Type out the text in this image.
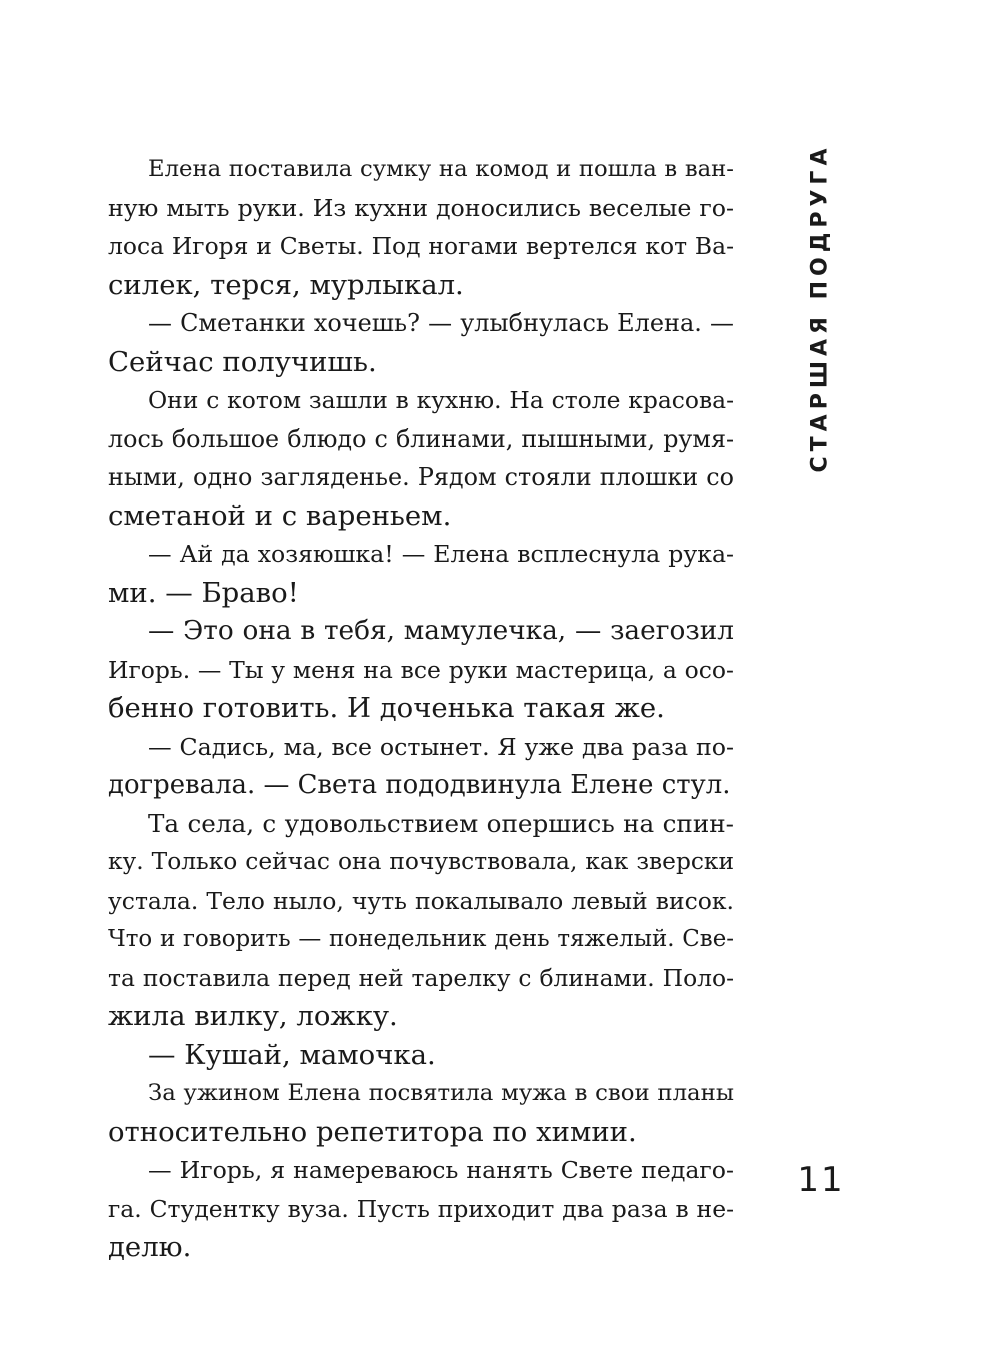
Елена поставила сумку на комод и пошла в ван-
ную мыть руки. Из кухни доносились веселые го-
лоса Игоря и Светы. Под ногами вертелся кот Ва-
силек, терся, мурлыкал.
— Сметанки хочешь? — улыбнулась Елена. —
Сейчас получишь.
Они с котом зашли в кухню. На столе красова-
лось большое блюдо с блинами, пышными, румя-
ными, одно загляденье. Рядом стояли плошки со
сметаной и с вареньем.
— Ай да хозяюшка! — Елена всплеснула рука-
ми. — Браво!
— Это она в тебя, мамулечка, — заегозил
Игорь. — Ты у меня на все руки мастерица, а осо-
бенно готовить. И доченька такая же.
— Садись, ма, все остынет. Я уже два раза по-
догревала. — Света пододвинула Елене стул.
Та села, с удовольствием опершись на спин-
ку. Только сейчас она почувствовала, как зверски
устала. Тело ныло, чуть покалывало левый висок.
Что и говорить — понедельник день тяжелый. Све-
та поставила перед ней тарелку с блинами. Поло-
жила вилку, ложку.
— Кушай, мамочка.
За ужином Елена посвятила мужа в свои планы
относительно репетитора по химии.
— Игорь, я намереваюсь нанять Свете педаго-
га. Студентку вуза. Пусть приходит два раза в не-
делю.
СТАРШАЯ ПОДРУГА
11
